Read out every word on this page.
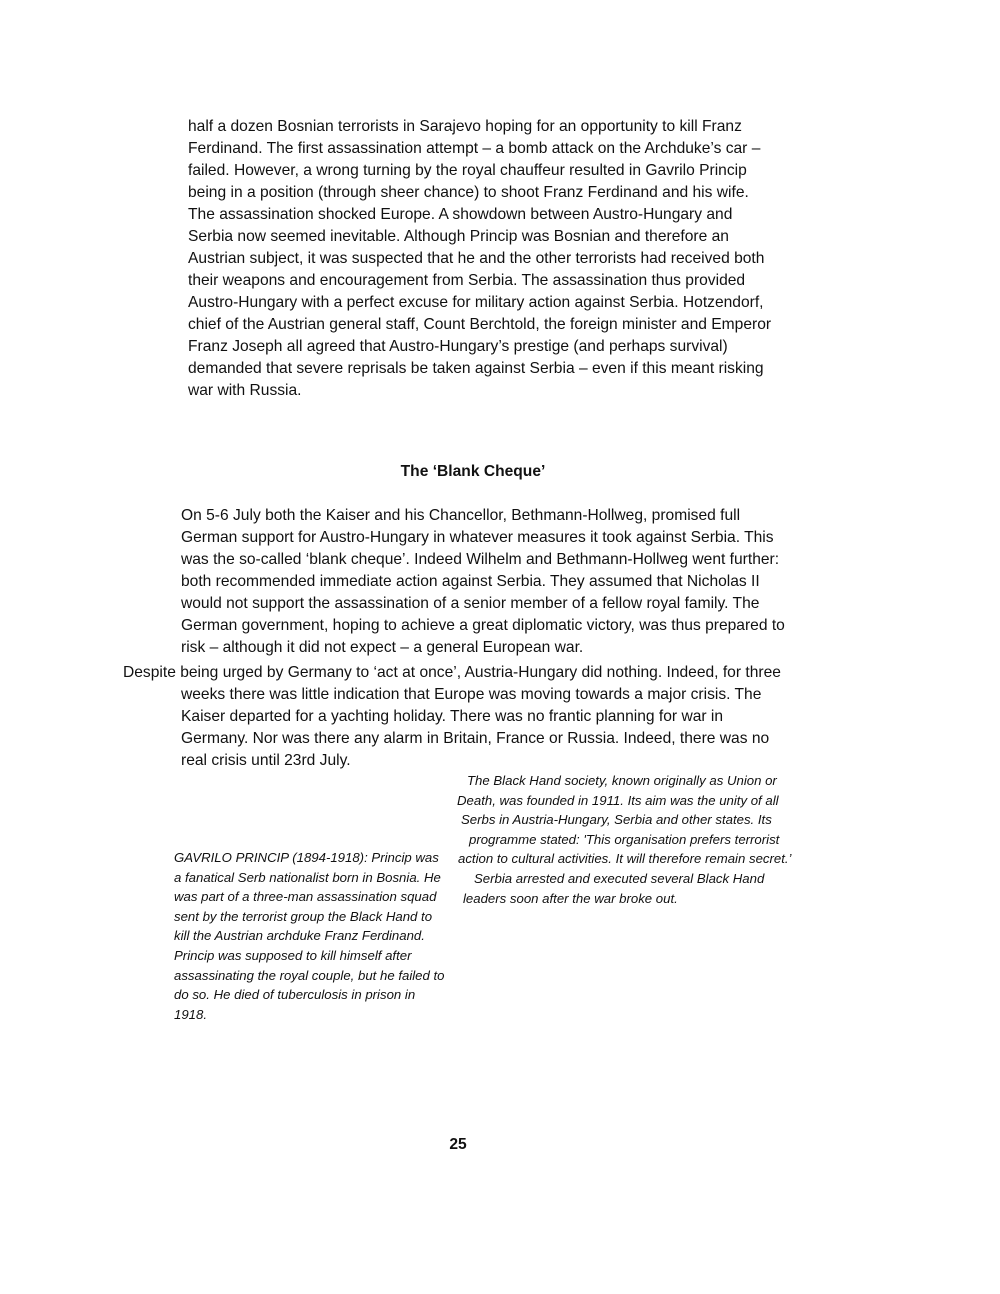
half a dozen Bosnian terrorists in Sarajevo hoping for an opportunity to kill Franz
Ferdinand. The first assassination attempt – a bomb attack on the Archduke’s car –
failed. However, a wrong turning by the royal chauffeur resulted in Gavrilo Princip
being in a position (through sheer chance) to shoot Franz Ferdinand and his wife.
The assassination shocked Europe. A showdown between Austro-Hungary and
Serbia now seemed inevitable. Although Princip was Bosnian and therefore an
Austrian subject, it was suspected that he and the other terrorists had received both
their weapons and encouragement from Serbia. The assassination thus provided
Austro-Hungary with a perfect excuse for military action against Serbia. Hotzendorf,
chief of the Austrian general staff, Count Berchtold, the foreign minister and Emperor
Franz Joseph all agreed that Austro-Hungary’s prestige (and perhaps survival)
demanded that severe reprisals be taken against Serbia – even if this meant risking
war with Russia.
The ‘Blank Cheque’
On 5-6 July both the Kaiser and his Chancellor, Bethmann-Hollweg, promised full
German support for Austro-Hungary in whatever measures it took against Serbia. This
was the so-called ‘blank cheque’. Indeed Wilhelm and Bethmann-Hollweg went further:
both recommended immediate action against Serbia. They assumed that Nicholas II
would not support the assassination of a senior member of a fellow royal family. The
German government, hoping to achieve a great diplomatic victory, was thus prepared to
risk – although it did not expect – a general European war.
Despite being urged by Germany to ‘act at once’, Austria-Hungary did nothing. Indeed, for three
weeks there was little indication that Europe was moving towards a major crisis. The
Kaiser departed for a yachting holiday. There was no frantic planning for war in
Germany. Nor was there any alarm in Britain, France or Russia. Indeed, there was no
real crisis until 23rd July.
The Black Hand society, known originally as Union or
Death, was founded in 1911. Its aim was the unity of all
Serbs in Austria-Hungary, Serbia and other states. Its
programme stated: 'This organisation prefers terrorist
action to cultural activities. It will therefore remain secret.’
Serbia arrested and executed several Black Hand
leaders soon after the war broke out.
GAVRILO PRINCIP (1894-1918): Princip was
a fanatical Serb nationalist born in Bosnia. He
was part of a three-man assassination squad
sent by the terrorist group the Black Hand to
kill the Austrian archduke Franz Ferdinand.
Princip was supposed to kill himself after
assassinating the royal couple, but he failed to
do so. He died of tuberculosis in prison in
1918.
25
